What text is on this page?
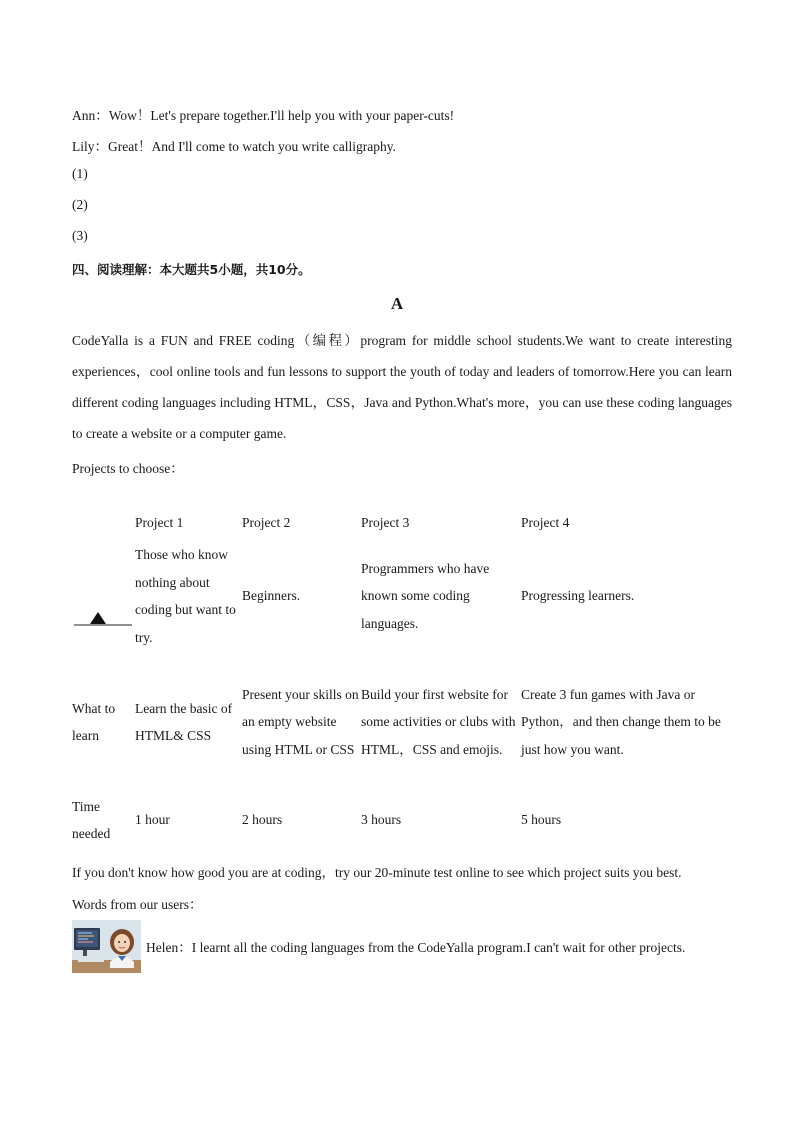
Ann：Wow！Let's prepare together.I'll help you with your paper-cuts!
Lily：Great！And I'll come to watch you write calligraphy.
(1)
(2)
(3)
四、阅读理解：本大题共5小题，共10分。
A
CodeYalla is a FUN and FREE coding（编程）program for middle school students.We want to create interesting experiences，cool online tools and fun lessons to support the youth of today and leaders of tomorrow.Here you can learn different coding languages including HTML，CSS，Java and Python.What's more，you can use these coding languages to create a website or a computer game.
Projects to choose：
	Project 1	Project 2	Project 3	Project 4

	Those who know nothing about coding but want to try.	Beginners.	Programmers who have known some coding languages.	Progressing learners.
What to learn	Learn the basic of HTML& CSS	Present your skills on an empty website using HTML or CSS	Build your first website for some activities or clubs with HTML，CSS and emojis.	Create 3 fun games with Java or Python，and then change them to be just how you want.
Time needed	1 hour	2 hours	3 hours	5 hours
If you don't know how good you are at coding，try our 20-minute test online to see which project suits you best.
Words from our users：
Helen：I learnt all the coding languages from the CodeYalla program.I can't wait for other projects.
